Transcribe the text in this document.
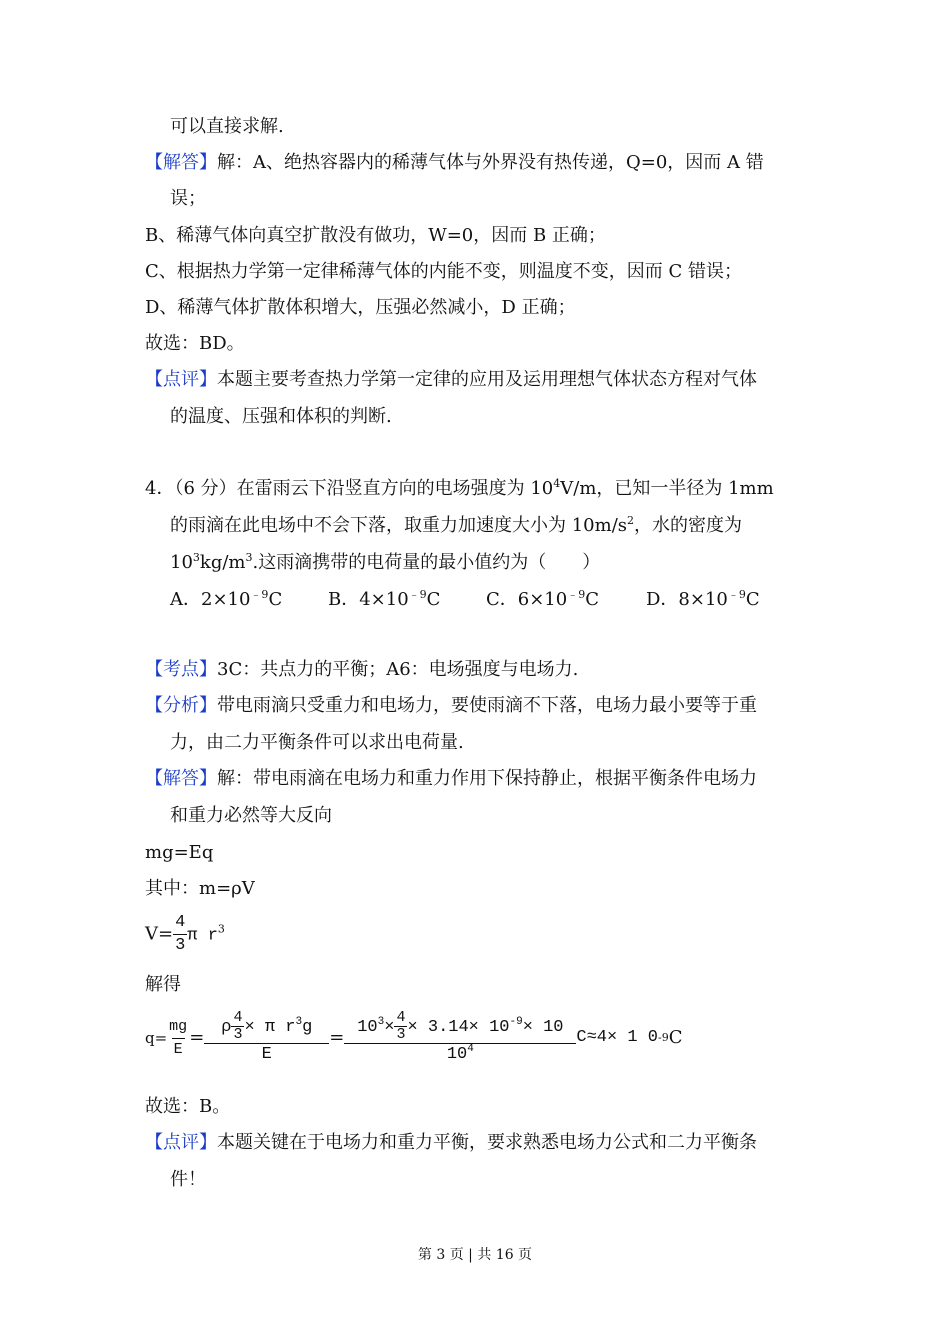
可以直接求解.
【解答】解：A、绝热容器内的稀薄气体与外界没有热传递，Q=0，因而 A 错
误；
B、稀薄气体向真空扩散没有做功，W=0，因而 B 正确；
C、根据热力学第一定律稀薄气体的内能不变，则温度不变，因而 C 错误；
D、稀薄气体扩散体积增大，压强必然减小，D 正确；
故选：BD。
【点评】本题主要考查热力学第一定律的应用及运用理想气体状态方程对气体
的温度、压强和体积的判断.
4．（6 分）在雷雨云下沿竖直方向的电场强度为 $10^4V/m$，已知一半径为 1mm
的雨滴在此电场中不会下落，取重力加速度大小为 $10m/s^2$，水的密度为
$10^3kg/m^3$.这雨滴携带的电荷量的最小值约为（　　）
A．$2\times 10^{﹣9}C$	B．$4\times 10^{﹣9}C$	C．$6\times 10^{﹣9}C$	D．$8\times 10^{﹣9}C$
【考点】3C：共点力的平衡；A6：电场强度与电场力.
【分析】带电雨滴只受重力和电场力，要使雨滴不下落，电场力最小要等于重
力，由二力平衡条件可以求出电荷量.
【解答】解：带电雨滴在电场力和重力作用下保持静止，根据平衡条件电场力
和重力必然等大反向
mg=Eq
其中：m=ρV
$V= \frac{4}{3}$ π $r^3$
解得
$q= \frac{mg}{E} = \frac{\rho \frac{4}{3} \times \pi r^3g}{E} = \frac{10^3\times \frac{4}{3} \times 3.14\times 10^{-9}\times 10}{10^4} C\approx 4\times 1$ 0 -9 C
故选：B。
【点评】本题关键在于电场力和重力平衡，要求熟悉电场力公式和二力平衡条
件！
第 3 页 | 共 16 页
